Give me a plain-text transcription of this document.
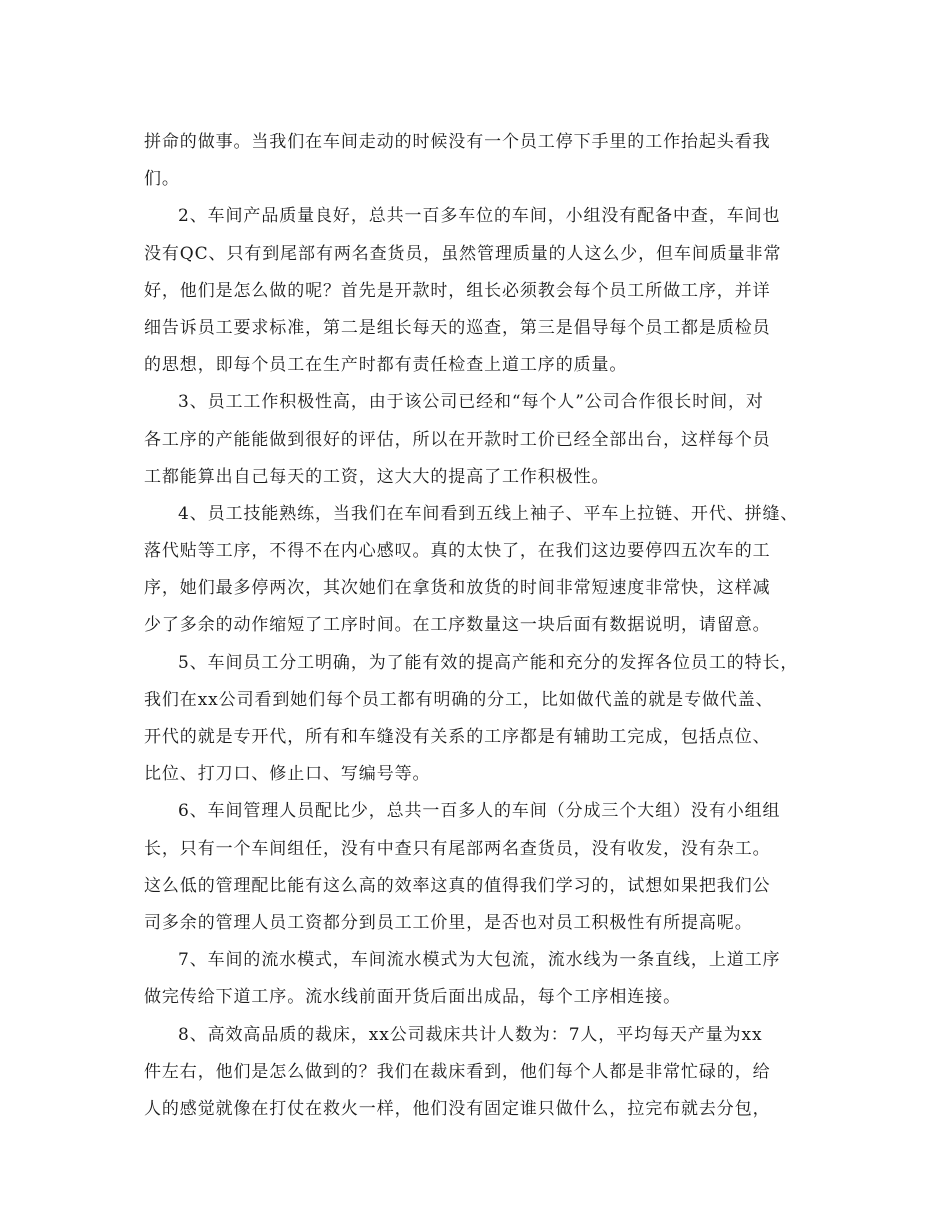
拼命的做事。当我们在车间走动的时候没有一个员工停下手里的工作抬起头看我
们。
2、车间产品质量良好，总共一百多车位的车间，小组没有配备中查，车间也
没有QC、只有到尾部有两名查货员，虽然管理质量的人这么少，但车间质量非常
好，他们是怎么做的呢？首先是开款时，组长必须教会每个员工所做工序，并详
细告诉员工要求标准，第二是组长每天的巡查，第三是倡导每个员工都是质检员
的思想，即每个员工在生产时都有责任检查上道工序的质量。
3、员工工作积极性高，由于该公司已经和“每个人”公司合作很长时间，对
各工序的产能能做到很好的评估，所以在开款时工价已经全部出台，这样每个员
工都能算出自己每天的工资，这大大的提高了工作积极性。
4、员工技能熟练，当我们在车间看到五线上袖子、平车上拉链、开代、拼缝、
落代贴等工序，不得不在内心感叹。真的太快了，在我们这边要停四五次车的工
序，她们最多停两次，其次她们在拿货和放货的时间非常短速度非常快，这样减
少了多余的动作缩短了工序时间。在工序数量这一块后面有数据说明，请留意。
5、车间员工分工明确，为了能有效的提高产能和充分的发挥各位员工的特长，
我们在xx公司看到她们每个员工都有明确的分工，比如做代盖的就是专做代盖、
开代的就是专开代，所有和车缝没有关系的工序都是有辅助工完成，包括点位、
比位、打刀口、修止口、写编号等。
6、车间管理人员配比少，总共一百多人的车间（分成三个大组）没有小组组
长，只有一个车间组任，没有中查只有尾部两名查货员，没有收发，没有杂工。
这么低的管理配比能有这么高的效率这真的值得我们学习的，试想如果把我们公
司多余的管理人员工资都分到员工工价里，是否也对员工积极性有所提高呢。
7、车间的流水模式，车间流水模式为大包流，流水线为一条直线，上道工序
做完传给下道工序。流水线前面开货后面出成品，每个工序相连接。
8、高效高品质的裁床，xx公司裁床共计人数为：7人，平均每天产量为xx
件左右，他们是怎么做到的？我们在裁床看到，他们每个人都是非常忙碌的，给
人的感觉就像在打仗在救火一样，他们没有固定谁只做什么，拉完布就去分包，
